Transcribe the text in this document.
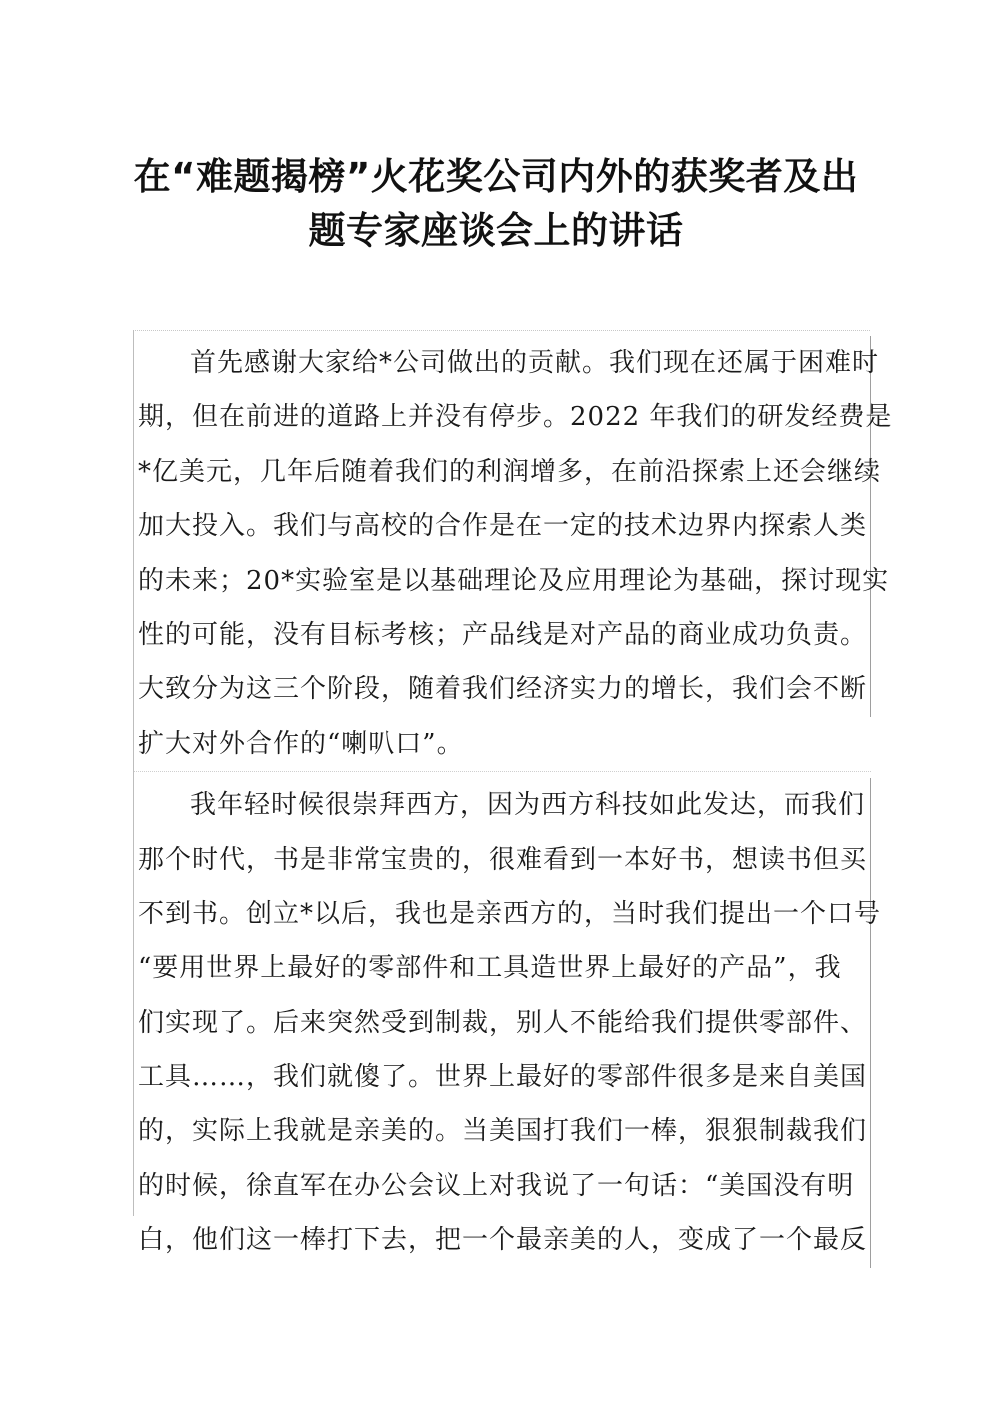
在“难题揭榜”火花奖公司内外的获奖者及出
题专家座谈会上的讲话
首先感谢大家给*公司做出的贡献。我们现在还属于困难时
期，但在前进的道路上并没有停步。2022 年我们的研发经费是
*亿美元，几年后随着我们的利润增多，在前沿探索上还会继续
加大投入。我们与高校的合作是在一定的技术边界内探索人类
的未来；20*实验室是以基础理论及应用理论为基础，探讨现实
性的可能，没有目标考核；产品线是对产品的商业成功负责。
大致分为这三个阶段，随着我们经济实力的增长，我们会不断
扩大对外合作的“喇叭口”。
我年轻时候很崇拜西方，因为西方科技如此发达，而我们
那个时代，书是非常宝贵的，很难看到一本好书，想读书但买
不到书。创立*以后，我也是亲西方的，当时我们提出一个口号
“要用世界上最好的零部件和工具造世界上最好的产品”，我
们实现了。后来突然受到制裁，别人不能给我们提供零部件、
工具……，我们就傻了。世界上最好的零部件很多是来自美国
的，实际上我就是亲美的。当美国打我们一棒，狠狠制裁我们
的时候，徐直军在办公会议上对我说了一句话：“美国没有明
白，他们这一棒打下去，把一个最亲美的人，变成了一个最反
